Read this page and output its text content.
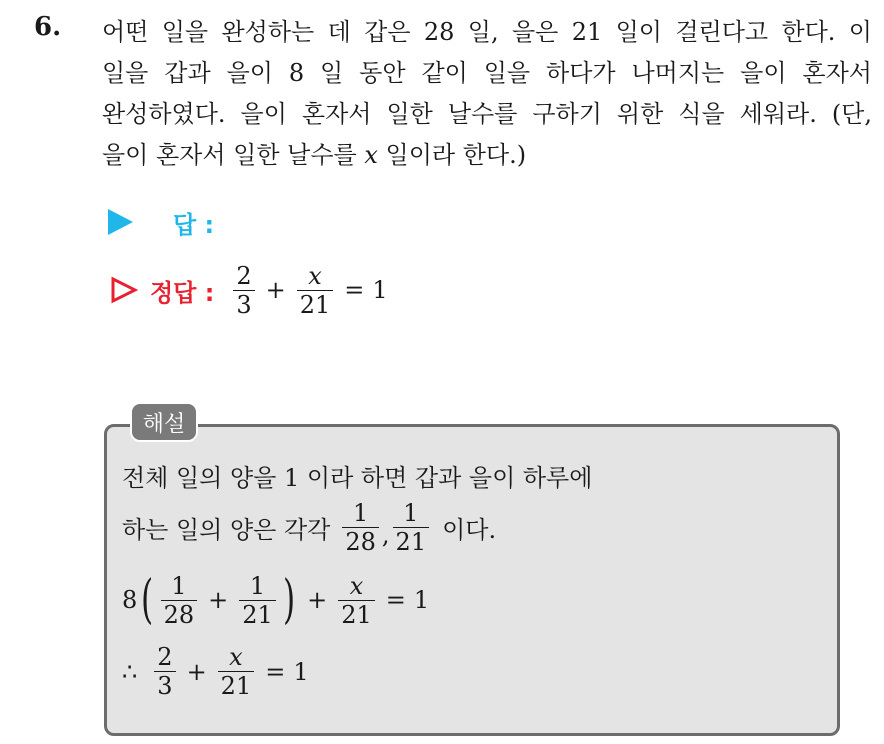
6. 어떤 일을 완성하는 데 갑은 28 일, 을은 21 일이 걸린다고 한다. 이
일을 갑과 을이 8 일 동안 같이 일을 하다가 나머지는 을이 혼자서
완성하였다. 을이 혼자서 일한 날수를 구하기 위한 식을 세워라. (단,
을이 혼자서 일한 날수를 x 일이라 한다.)
답 :
정답 : $\frac{2}{3} + \frac{x}{21} = 1$
해설
전체 일의 양을 1 이라 하면 갑과 을이 하루에
하는 일의 양은 각각 $\frac{1}{28}$ , $\frac{1}{21}$ 이다.
8 ( $\frac{1}{28} + \frac{1}{21}$ ) + $\frac{x}{21} = 1$
∴ $\frac{2}{3} + \frac{x}{21} = 1$
